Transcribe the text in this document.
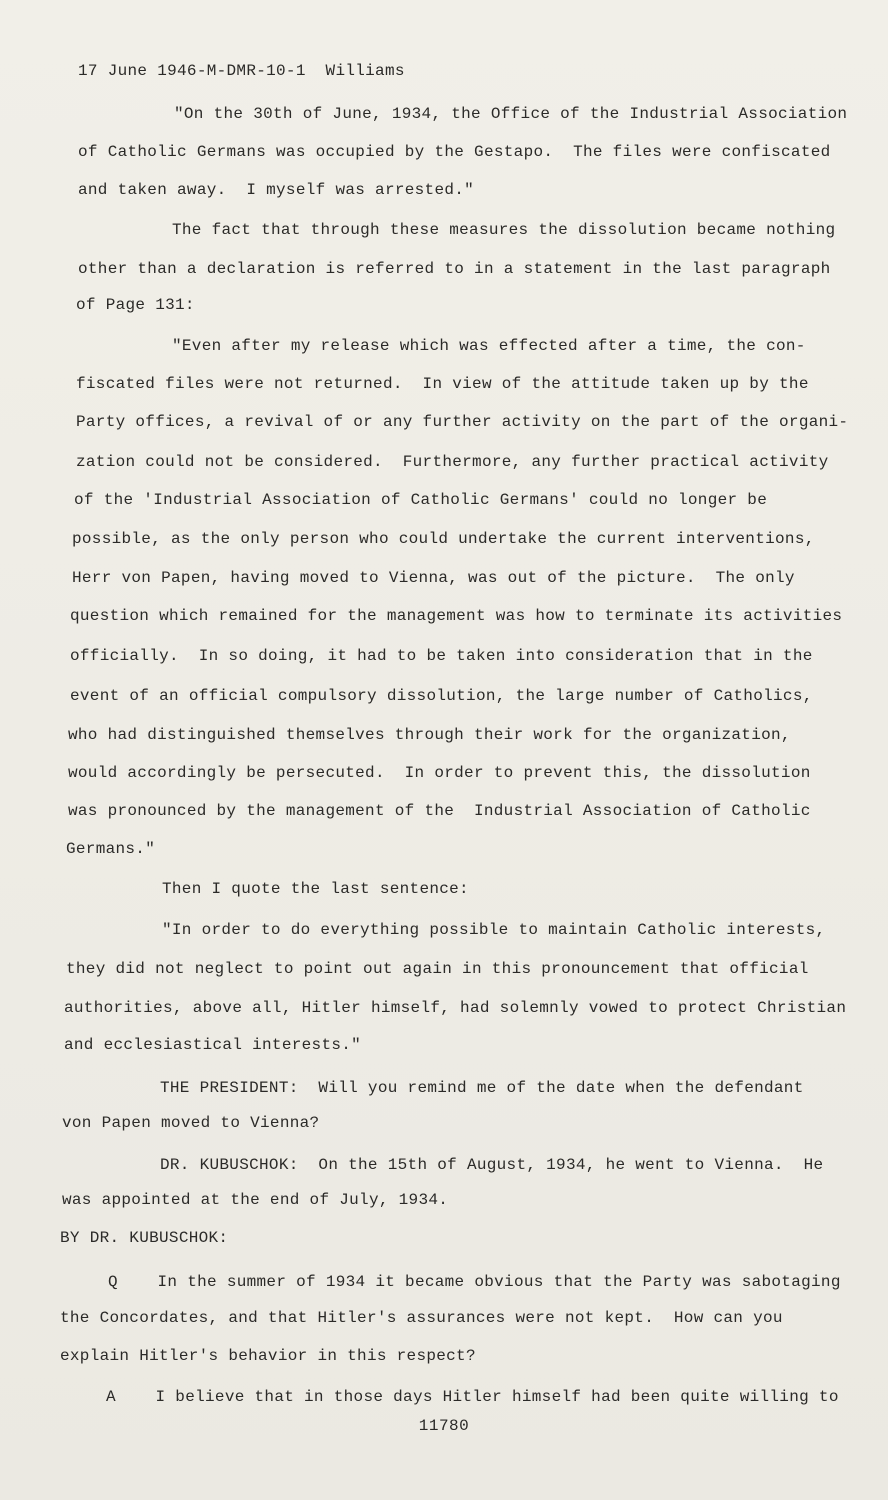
17 June 1946-M-DMR-10-1  Williams
"On the 30th of June, 1934, the Office of the Industrial Association
of Catholic Germans was occupied by the Gestapo.  The files were confiscated
and taken away.  I myself was arrested."
The fact that through these measures the dissolution became nothing
other than a declaration is referred to in a statement in the last paragraph
of Page 131:
"Even after my release which was effected after a time, the con-
fiscated files were not returned.  In view of the attitude taken up by the
Party offices, a revival of or any further activity on the part of the organi-
zation could not be considered.  Furthermore, any further practical activity
of the 'Industrial Association of Catholic Germans' could no longer be
possible, as the only person who could undertake the current interventions,
Herr von Papen, having moved to Vienna, was out of the picture.  The only
question which remained for the management was how to terminate its activities
officially.  In so doing, it had to be taken into consideration that in the
event of an official compulsory dissolution, the large number of Catholics,
who had distinguished themselves through their work for the organization,
would accordingly be persecuted.  In order to prevent this, the dissolution
was pronounced by the management of the  Industrial Association of Catholic
Germans."
Then I quote the last sentence:
"In order to do everything possible to maintain Catholic interests,
they did not neglect to point out again in this pronouncement that official
authorities, above all, Hitler himself, had solemnly vowed to protect Christian
and ecclesiastical interests."
THE PRESIDENT:  Will you remind me of the date when the defendant
von Papen moved to Vienna?
DR. KUBUSCHOK:  On the 15th of August, 1934, he went to Vienna.  He
was appointed at the end of July, 1934.
BY DR. KUBUSCHOK:
Q    In the summer of 1934 it became obvious that the Party was sabotaging
the Concordates, and that Hitler's assurances were not kept.  How can you
explain Hitler's behavior in this respect?
A    I believe that in those days Hitler himself had been quite willing to
11780
